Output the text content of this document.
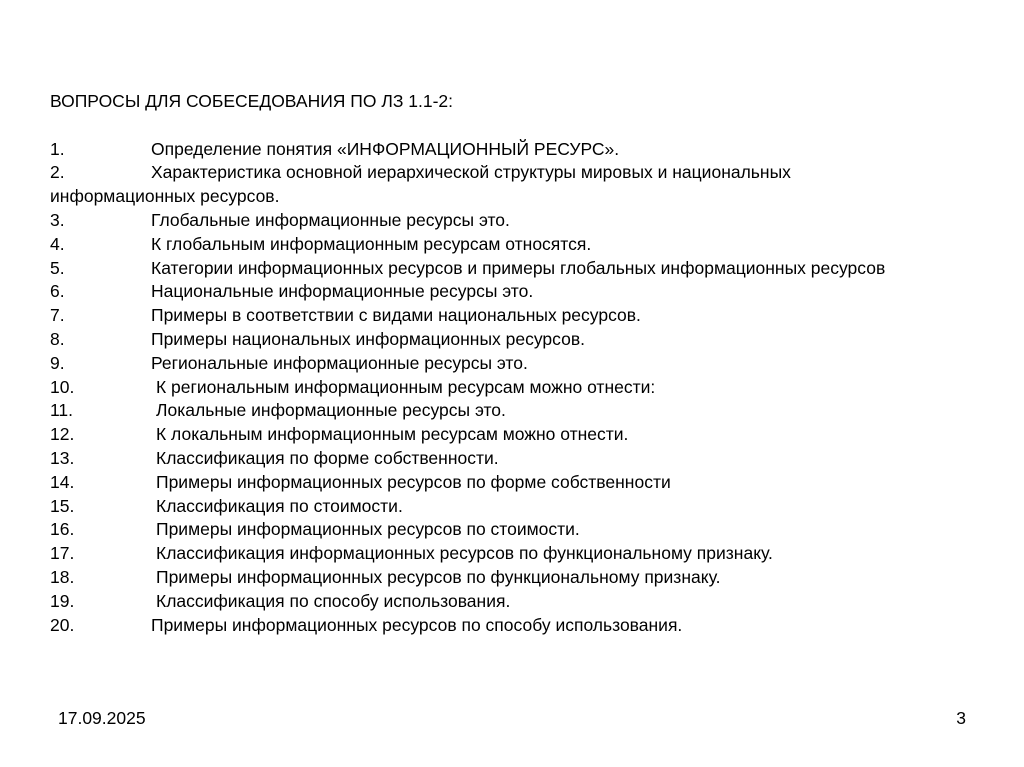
ВОПРОСЫ ДЛЯ СОБЕСЕДОВАНИЯ ПО ЛЗ 1.1-2:

1.	Определение понятия «ИНФОРМАЦИОННЫЙ РЕСУРС».
2.	Характеристика основной иерархической структуры мировых и национальных
информационных ресурсов.
3.	Глобальные информационные ресурсы это.
4.	К глобальным информационным ресурсам относятся.
5.	Категории информационных ресурсов и примеры глобальных информационных ресурсов
6.	Национальные информационные ресурсы это.
7.	Примеры в соответствии с видами национальных ресурсов.
8.	Примеры национальных информационных ресурсов.
9.	Региональные информационные ресурсы это.
10.	К региональным информационным ресурсам можно отнести:
11.	Локальные информационные ресурсы это.
12.	К локальным информационным ресурсам можно отнести.
13.	Классификация по форме собственности.
14.	Примеры информационных ресурсов по форме собственности
15.	Классификация по стоимости.
16.	Примеры информационных ресурсов по стоимости.
17.	Классификация информационных ресурсов по функциональному признаку.
18.	Примеры информационных ресурсов по функциональному признаку.
19.	Классификация по способу использования.
20.	Примеры информационных ресурсов по способу использования.
17.09.2025	3
